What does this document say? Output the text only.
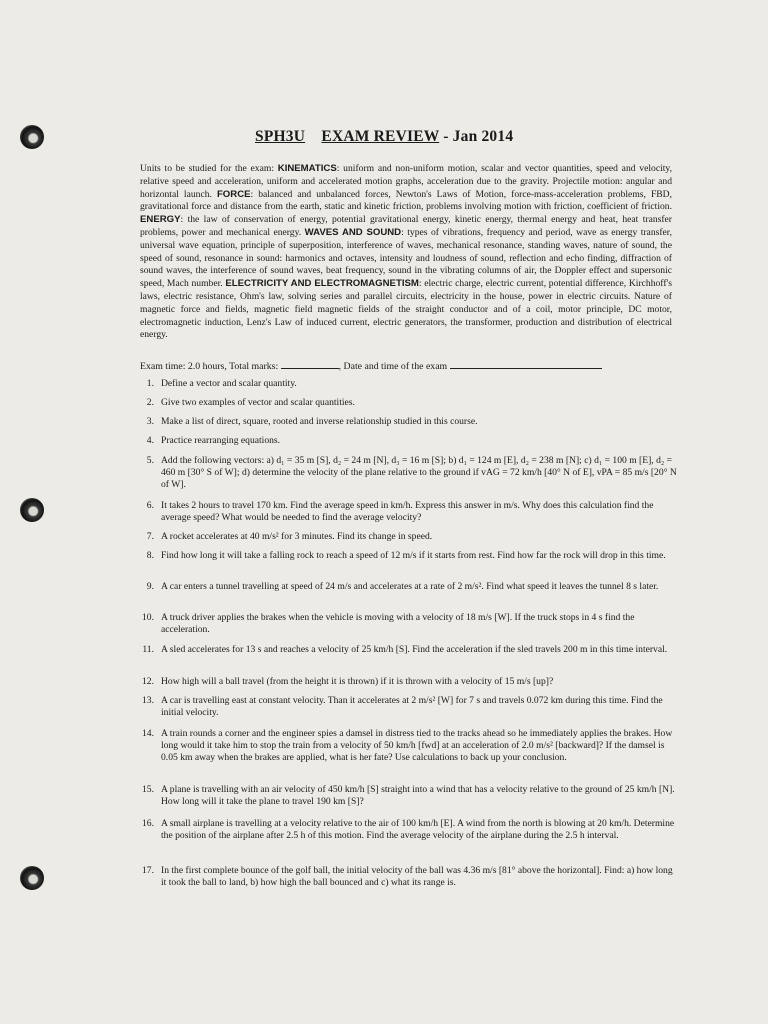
SPH3U EXAM REVIEW - Jan 2014
Units to be studied for the exam: KINEMATICS: uniform and non-uniform motion, scalar and vector quantities, speed and velocity, relative speed and acceleration, uniform and accelerated motion graphs, acceleration due to the gravity. Projectile motion: angular and horizontal launch. FORCE: balanced and unbalanced forces, Newton's Laws of Motion, force-mass-acceleration problems, FBD, gravitational force and distance from the earth, static and kinetic friction, problems involving motion with friction, coefficient of friction. ENERGY: the law of conservation of energy, potential gravitational energy, kinetic energy, thermal energy and heat, heat transfer problems, power and mechanical energy. WAVES AND SOUND: types of vibrations, frequency and period, wave as energy transfer, universal wave equation, principle of superposition, interference of waves, mechanical resonance, standing waves, nature of sound, the speed of sound, resonance in sound: harmonics and octaves, intensity and loudness of sound, reflection and echo finding, diffraction of sound waves, the interference of sound waves, beat frequency, sound in the vibrating columns of air, the Doppler effect and supersonic speed, Mach number. ELECTRICITY AND ELECTROMAGNETISM: electric charge, electric current, potential difference, Kirchhoff's laws, electric resistance, Ohm's law, solving series and parallel circuits, electricity in the house, power in electric circuits. Nature of magnetic force and fields, magnetic field magnetic fields of the straight conductor and of a coil, motor principle, DC motor, electromagnetic induction, Lenz's Law of induced current, electric generators, the transformer, production and distribution of electrical energy.
Exam time: 2.0 hours, Total marks:	, Date and time of the exam
1. Define a vector and scalar quantity.
2. Give two examples of vector and scalar quantities.
3. Make a list of direct, square, rooted and inverse relationship studied in this course.
4. Practice rearranging equations.
5. Add the following vectors: a) d₁ = 35 m [S], d₂ = 24 m [N], d₃ = 16 m [S]; b) d₁ = 124 m [E], d₂ = 238 m [N]; c) d₁ = 100 m [E], d₂ = 460 m [30° S of W]; d) determine the velocity of the plane relative to the ground if vAG = 72 km/h [40° N of E], vPA = 85 m/s [20° N of W].
6. It takes 2 hours to travel 170 km. Find the average speed in km/h. Express this answer in m/s. Why does this calculation find the average speed? What would be needed to find the average velocity?
7. A rocket accelerates at 40 m/s² for 3 minutes. Find its change in speed.
8. Find how long it will take a falling rock to reach a speed of 12 m/s if it starts from rest. Find how far the rock will drop in this time.
9. A car enters a tunnel travelling at speed of 24 m/s and accelerates at a rate of 2 m/s². Find what speed it leaves the tunnel 8 s later.
10. A truck driver applies the brakes when the vehicle is moving with a velocity of 18 m/s [W]. If the truck stops in 4 s find the acceleration.
11. A sled accelerates for 13 s and reaches a velocity of 25 km/h [S]. Find the acceleration if the sled travels 200 m in this time interval.
12. How high will a ball travel (from the height it is thrown) if it is thrown with a velocity of 15 m/s [up]?
13. A car is travelling east at constant velocity. Than it accelerates at 2 m/s² [W] for 7 s and travels 0.072 km during this time. Find the initial velocity.
14. A train rounds a corner and the engineer spies a damsel in distress tied to the tracks ahead so he immediately applies the brakes. How long would it take him to stop the train from a velocity of 50 km/h [fwd] at an acceleration of 2.0 m/s² [backward]? If the damsel is 0.05 km away when the brakes are applied, what is her fate? Use calculations to back up your conclusion.
15. A plane is travelling with an air velocity of 450 km/h [S] straight into a wind that has a velocity relative to the ground of 25 km/h [N]. How long will it take the plane to travel 190 km [S]?
16. A small airplane is travelling at a velocity relative to the air of 100 km/h [E]. A wind from the north is blowing at 20 km/h. Determine the position of the airplane after 2.5 h of this motion. Find the average velocity of the airplane during the 2.5 h interval.
17. In the first complete bounce of the golf ball, the initial velocity of the ball was 4.36 m/s [81° above the horizontal]. Find: a) how long it took the ball to land, b) how high the ball bounced and c) what its range is.
